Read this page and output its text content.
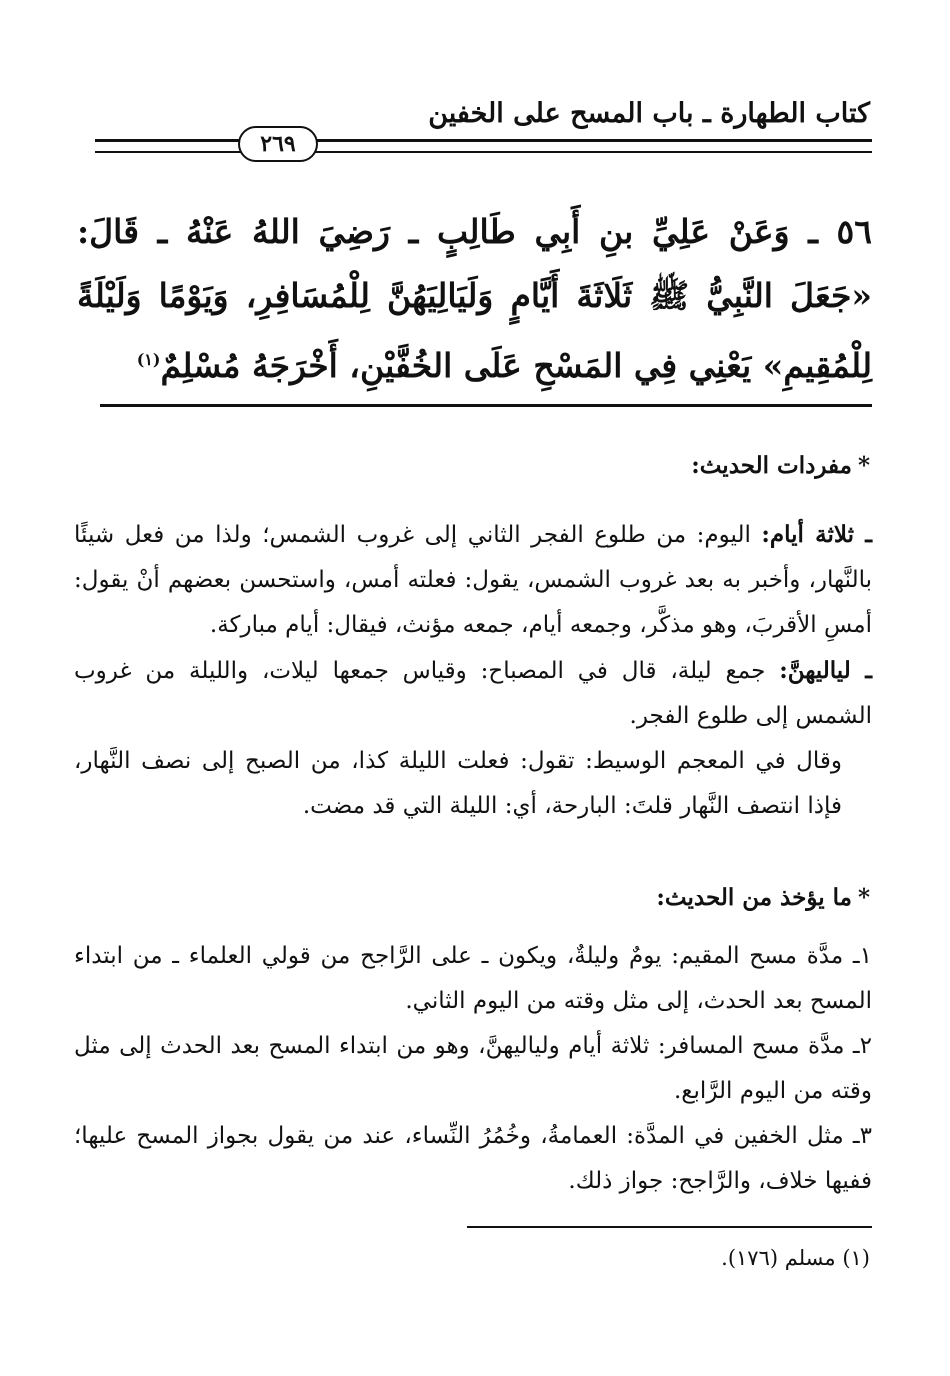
كتاب الطهارة ـ باب المسح على الخفين
٢٦٩
٥٦ ـ وَعَنْ عَلِيِّ بنِ أَبِي طَالِبٍ ـ رَضِيَ اللهُ عَنْهُ ـ قَالَ: «جَعَلَ النَّبِيُّ ﷺ ثَلَاثَةَ أَيَّامٍ وَلَيَالِيَهُنَّ لِلْمُسَافِرِ، وَيَوْمًا وَلَيْلَةً لِلْمُقِيمِ» يَعْنِي فِي المَسْحِ عَلَى الخُفَّيْنِ، أَخْرَجَهُ مُسْلِمٌ$^{(١)}$
*مفردات الحديث:

ـ ثلاثة أيام: اليوم: من طلوع الفجر الثاني إلى غروب الشمس؛ ولذا من فعل شيئًا بالنَّهار، وأخبر به بعد غروب الشمس، يقول: فعلته أمس، واستحسن بعضهم أنْ يقول: أمسِ الأقربَ، وهو مذكَّر، وجمعه أيام، جمعه مؤنث، فيقال: أيام مباركة.

ـ لياليهنَّ: جمع ليلة، قال في المصباح: وقياس جمعها ليلات، والليلة من غروب الشمس إلى طلوع الفجر.

وقال في المعجم الوسيط: تقول: فعلت الليلة كذا، من الصبح إلى نصف النَّهار، فإذا انتصف النَّهار قلتَ: البارحة، أي: الليلة التي قد مضت.

*ما يؤخذ من الحديث:

١ـ مدَّة مسح المقيم: يومٌ وليلةٌ، ويكون ـ على الرَّاجح من قولي العلماء ـ من ابتداء المسح بعد الحدث، إلى مثل وقته من اليوم الثاني.

٢ـ مدَّة مسح المسافر: ثلاثة أيام ولياليهنَّ، وهو من ابتداء المسح بعد الحدث إلى مثل وقته من اليوم الرَّابع.

٣ـ مثل الخفين في المدَّة: العمامةُ، وخُمُرُ النِّساء، عند من يقول بجواز المسح عليها؛ ففيها خلاف، والرَّاجح: جواز ذلك.

(١) مسلم (١٧٦).
